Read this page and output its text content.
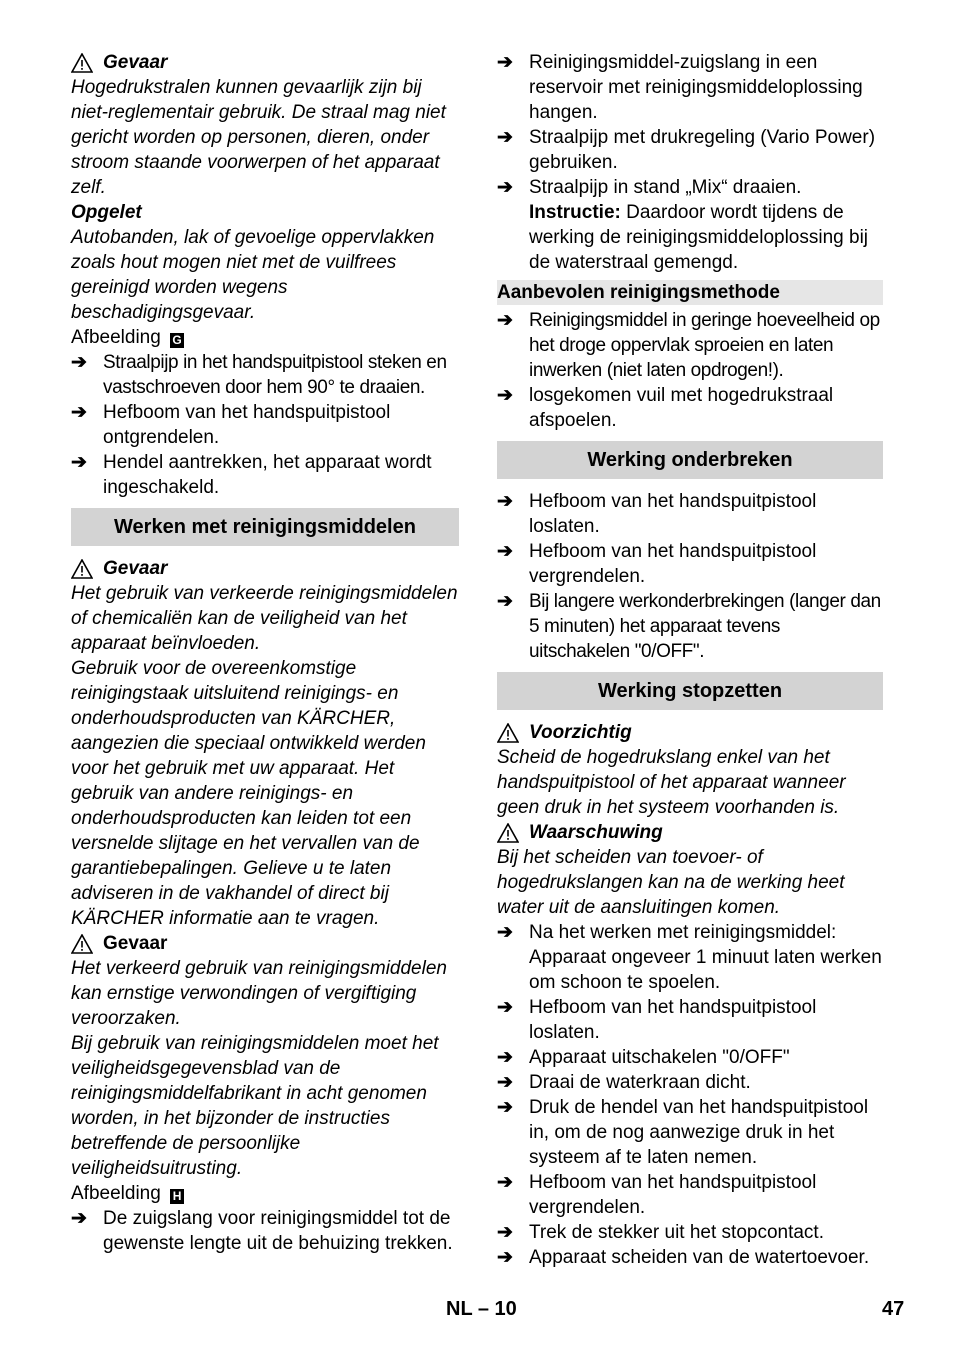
Gevaar
Hogedrukstralen kunnen gevaarlijk zijn bij niet-reglementair gebruik. De straal mag niet gericht worden op personen, dieren, onder stroom staande voorwerpen of het apparaat zelf.
Opgelet
Autobanden, lak of gevoelige oppervlakken zoals hout mogen niet met de vuilfrees gereinigd worden wegens beschadigingsgevaar.
Afbeelding G
➔ Straalpijp in het handspuitpistool steken en vastschroeven door hem 90° te draaien.
➔ Hefboom van het handspuitpistool ontgrendelen.
➔ Hendel aantrekken, het apparaat wordt ingeschakeld.
Werken met reinigingsmiddelen
Gevaar
Het gebruik van verkeerde reinigingsmiddelen of chemicaliën kan de veiligheid van het apparaat beïnvloeden.
Gebruik voor de overeenkomstige reinigingstaak uitsluitend reinigings- en onderhoudsproducten van KÄRCHER, aangezien die speciaal ontwikkeld werden voor het gebruik met uw apparaat. Het gebruik van andere reinigings- en onderhoudsproducten kan leiden tot een versnelde slijtage en het vervallen van de garantiebepalingen. Gelieve u te laten adviseren in de vakhandel of direct bij KÄRCHER informatie aan te vragen.
Gevaar
Het verkeerd gebruik van reinigingsmiddelen kan ernstige verwondingen of vergiftiging veroorzaken.
Bij gebruik van reinigingsmiddelen moet het veiligheidsgegevensblad van de reinigingsmiddelfabrikant in acht genomen worden, in het bijzonder de instructies betreffende de persoonlijke veiligheidsuitrusting.
Afbeelding H
➔ De zuigslang voor reinigingsmiddel tot de gewenste lengte uit de behuizing trekken.
➔ Reinigingsmiddel-zuigslang in een reservoir met reinigingsmiddeloplossing hangen.
➔ Straalpijp met drukregeling (Vario Power) gebruiken.
➔ Straalpijp in stand „Mix“ draaien.
Instructie: Daardoor wordt tijdens de werking de reinigingsmiddeloplossing bij de waterstraal gemengd.
Aanbevolen reinigingsmethode
➔ Reinigingsmiddel in geringe hoeveelheid op het droge oppervlak sproeien en laten inwerken (niet laten opdrogen!).
➔ losgekomen vuil met hogedrukstraal afspoelen.
Werking onderbreken
➔ Hefboom van het handspuitpistool loslaten.
➔ Hefboom van het handspuitpistool vergrendelen.
➔ Bij langere werkonderbrekingen (langer dan 5 minuten) het apparaat tevens uitschakelen "0/OFF".
Werking stopzetten
Voorzichtig
Scheid de hogedrukslang enkel van het handspuitpistool of het apparaat wanneer geen druk in het systeem voorhanden is.
Waarschuwing
Bij het scheiden van toevoer- of hogedrukslangen kan na de werking heet water uit de aansluitingen komen.
➔ Na het werken met reinigingsmiddel: Apparaat ongeveer 1 minuut laten werken om schoon te spoelen.
➔ Hefboom van het handspuitpistool loslaten.
➔ Apparaat uitschakelen "0/OFF"
➔ Draai de waterkraan dicht.
➔ Druk de hendel van het handspuitpistool in, om de nog aanwezige druk in het systeem af te laten nemen.
➔ Hefboom van het handspuitpistool vergrendelen.
➔ Trek de stekker uit het stopcontact.
➔ Apparaat scheiden van de watertoevoer.
NL – 10	47
